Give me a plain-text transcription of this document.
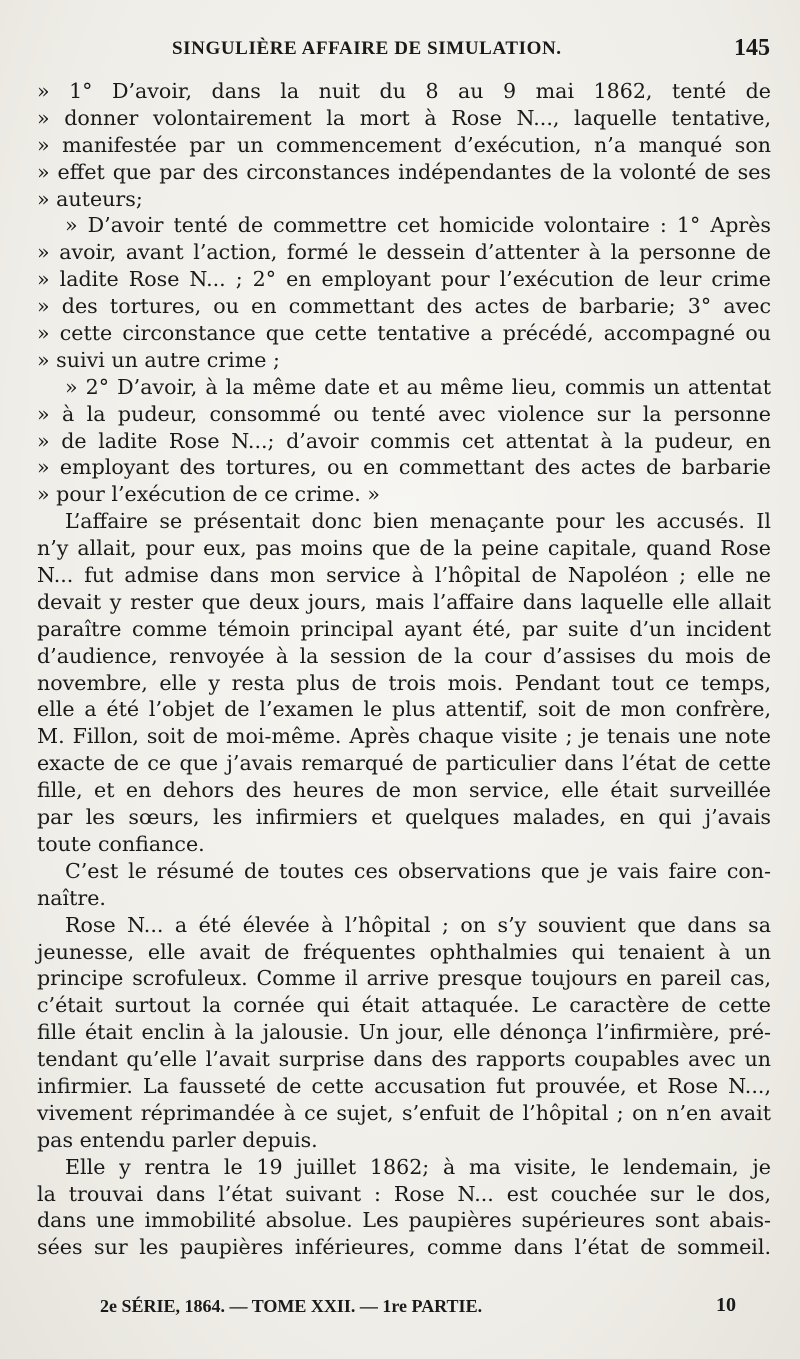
SINGULIÈRE AFFAIRE DE SIMULATION.	145
» 1° D’avoir, dans la nuit du 8 au 9 mai 1862, tenté de
» donner volontairement la mort à Rose N..., laquelle tentative,
» manifestée par un commencement d’exécution, n’a manqué son
» effet que par des circonstances indépendantes de la volonté de ses
» auteurs;
» D’avoir tenté de commettre cet homicide volontaire : 1° Après
» avoir, avant l’action, formé le dessein d’attenter à la personne de
» ladite Rose N... ; 2° en employant pour l’exécution de leur crime
» des tortures, ou en commettant des actes de barbarie; 3° avec
» cette circonstance que cette tentative a précédé, accompagné ou
» suivi un autre crime ;
» 2° D’avoir, à la même date et au même lieu, commis un attentat
» à la pudeur, consommé ou tenté avec violence sur la personne
» de ladite Rose N...; d’avoir commis cet attentat à la pudeur, en
» employant des tortures, ou en commettant des actes de barbarie
» pour l’exécution de ce crime. »
L’affaire se présentait donc bien menaçante pour les accusés. Il
n’y allait, pour eux, pas moins que de la peine capitale, quand Rose
N... fut admise dans mon service à l’hôpital de Napoléon ; elle ne
devait y rester que deux jours, mais l’affaire dans laquelle elle allait
paraître comme témoin principal ayant été, par suite d’un incident
d’audience, renvoyée à la session de la cour d’assises du mois de
novembre, elle y resta plus de trois mois. Pendant tout ce temps,
elle a été l’objet de l’examen le plus attentif, soit de mon confrère,
M. Fillon, soit de moi-même. Après chaque visite ; je tenais une note
exacte de ce que j’avais remarqué de particulier dans l’état de cette
fille, et en dehors des heures de mon service, elle était surveillée
par les sœurs, les infirmiers et quelques malades, en qui j’avais
toute confiance.
C’est le résumé de toutes ces observations que je vais faire con-
naître.
Rose N... a été élevée à l’hôpital ; on s’y souvient que dans sa
jeunesse, elle avait de fréquentes ophthalmies qui tenaient à un
principe scrofuleux. Comme il arrive presque toujours en pareil cas,
c’était surtout la cornée qui était attaquée. Le caractère de cette
fille était enclin à la jalousie. Un jour, elle dénonça l’infirmière, pré-
tendant qu’elle l’avait surprise dans des rapports coupables avec un
infirmier. La fausseté de cette accusation fut prouvée, et Rose N...,
vivement réprimandée à ce sujet, s’enfuit de l’hôpital ; on n’en avait
pas entendu parler depuis.
Elle y rentra le 19 juillet 1862; à ma visite, le lendemain, je
la trouvai dans l’état suivant : Rose N... est couchée sur le dos,
dans une immobilité absolue. Les paupières supérieures sont abais-
sées sur les paupières inférieures, comme dans l’état de sommeil.
2e SÉRIE, 1864. — TOME XXII. — 1re PARTIE.	10
